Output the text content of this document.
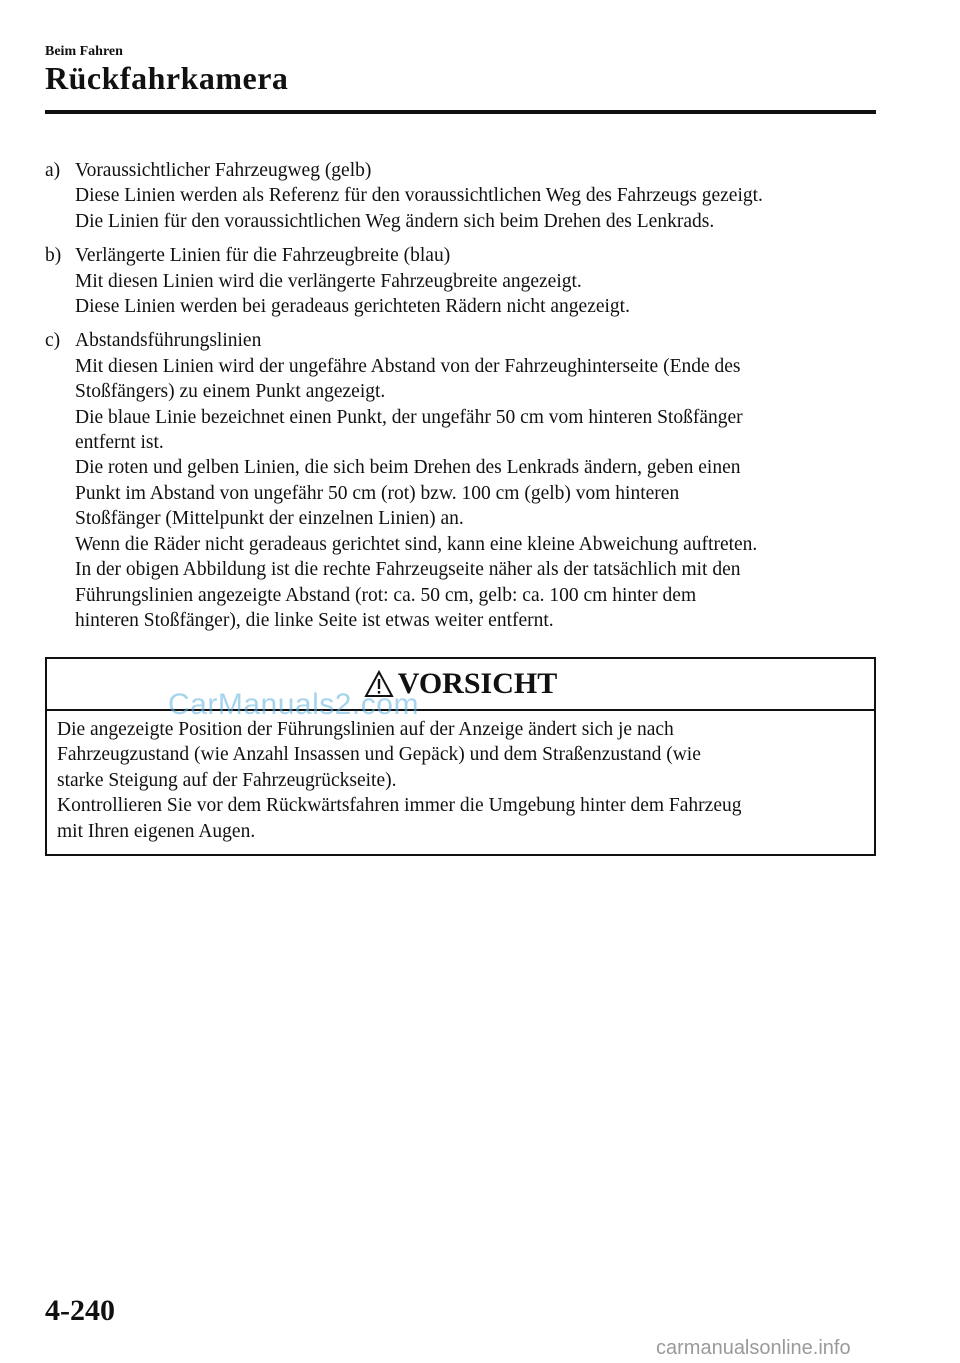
Beim Fahren
Rückfahrkamera
a) Voraussichtlicher Fahrzeugweg (gelb)
Diese Linien werden als Referenz für den voraussichtlichen Weg des Fahrzeugs gezeigt.
Die Linien für den voraussichtlichen Weg ändern sich beim Drehen des Lenkrads.
b) Verlängerte Linien für die Fahrzeugbreite (blau)
Mit diesen Linien wird die verlängerte Fahrzeugbreite angezeigt.
Diese Linien werden bei geradeaus gerichteten Rädern nicht angezeigt.
c) Abstandsführungslinien
Mit diesen Linien wird der ungefähre Abstand von der Fahrzeughinterseite (Ende des
Stoßfängers) zu einem Punkt angezeigt.
Die blaue Linie bezeichnet einen Punkt, der ungefähr 50 cm vom hinteren Stoßfänger
entfernt ist.
Die roten und gelben Linien, die sich beim Drehen des Lenkrads ändern, geben einen
Punkt im Abstand von ungefähr 50 cm (rot) bzw. 100 cm (gelb) vom hinteren
Stoßfänger (Mittelpunkt der einzelnen Linien) an.
Wenn die Räder nicht geradeaus gerichtet sind, kann eine kleine Abweichung auftreten.
In der obigen Abbildung ist die rechte Fahrzeugseite näher als der tatsächlich mit den
Führungslinien angezeigte Abstand (rot: ca. 50 cm, gelb: ca. 100 cm hinter dem
hinteren Stoßfänger), die linke Seite ist etwas weiter entfernt.
VORSICHT
Die angezeigte Position der Führungslinien auf der Anzeige ändert sich je nach
Fahrzeugzustand (wie Anzahl Insassen und Gepäck) und dem Straßenzustand (wie
starke Steigung auf der Fahrzeugrückseite).
Kontrollieren Sie vor dem Rückwärtsfahren immer die Umgebung hinter dem Fahrzeug
mit Ihren eigenen Augen.
CarManuals2.com
4-240
carmanualsonline.info
